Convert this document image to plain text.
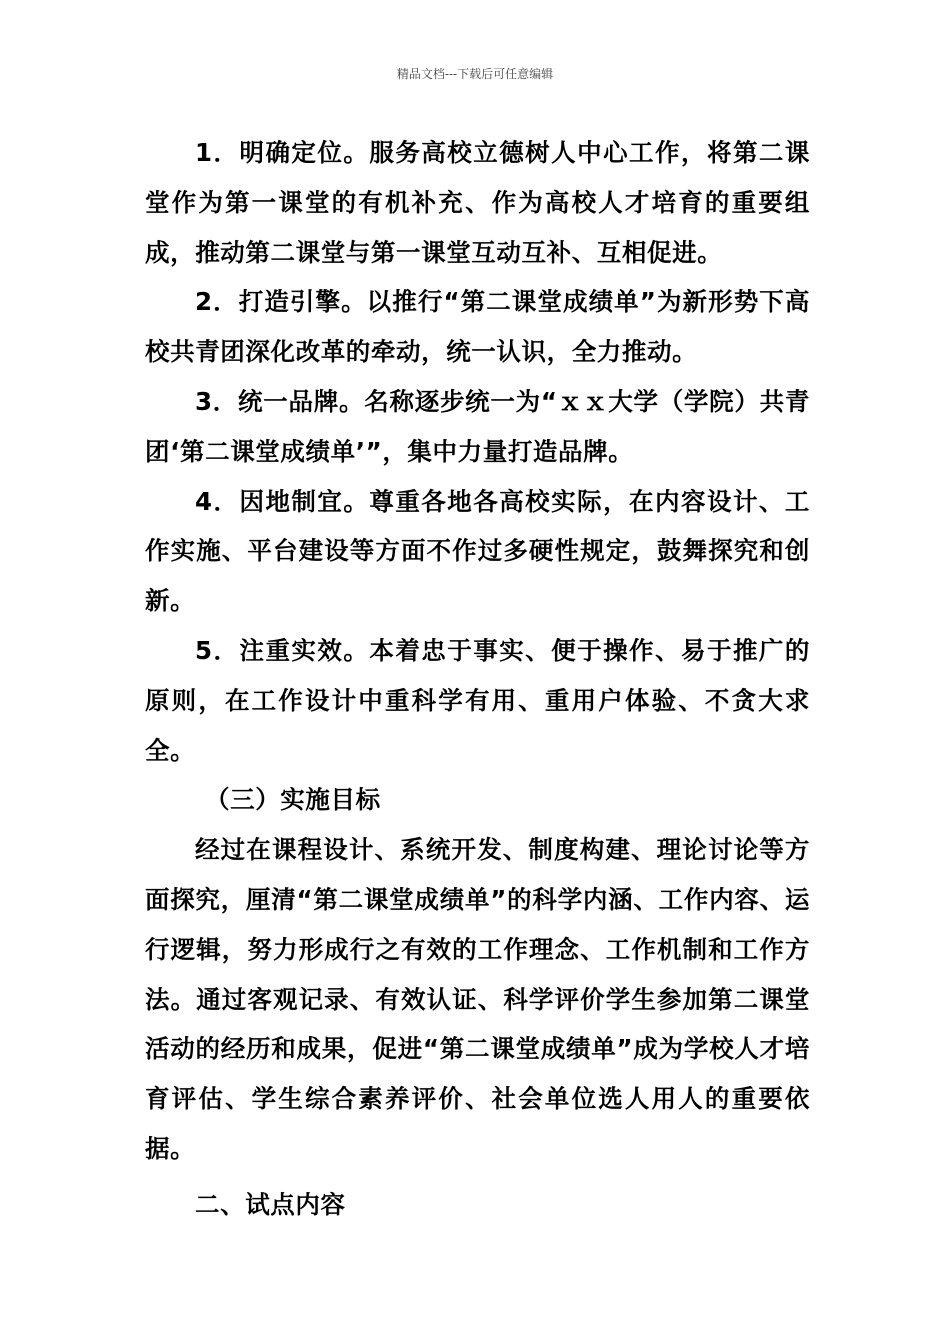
精品文档---下载后可任意编辑

1．明确定位。服务高校立德树人中心工作，将第二课堂作为第一课堂的有机补充、作为高校人才培育的重要组成，推动第二课堂与第一课堂互动互补、互相促进。

2．打造引擎。以推行“第二课堂成绩单”为新形势下高校共青团深化改革的牵动，统一认识，全力推动。

3．统一品牌。名称逐步统一为“ｘｘ大学（学院）共青团‘第二课堂成绩单’”，集中力量打造品牌。

4．因地制宜。尊重各地各高校实际，在内容设计、工作实施、平台建设等方面不作过多硬性规定，鼓舞探究和创新。

5．注重实效。本着忠于事实、便于操作、易于推广的原则，在工作设计中重科学有用、重用户体验、不贪大求全。

（三）实施目标

经过在课程设计、系统开发、制度构建、理论讨论等方面探究，厘清“第二课堂成绩单”的科学内涵、工作内容、运行逻辑，努力形成行之有效的工作理念、工作机制和工作方法。通过客观记录、有效认证、科学评价学生参加第二课堂活动的经历和成果，促进“第二课堂成绩单”成为学校人才培育评估、学生综合素养评价、社会单位选人用人的重要依据。

二、试点内容
